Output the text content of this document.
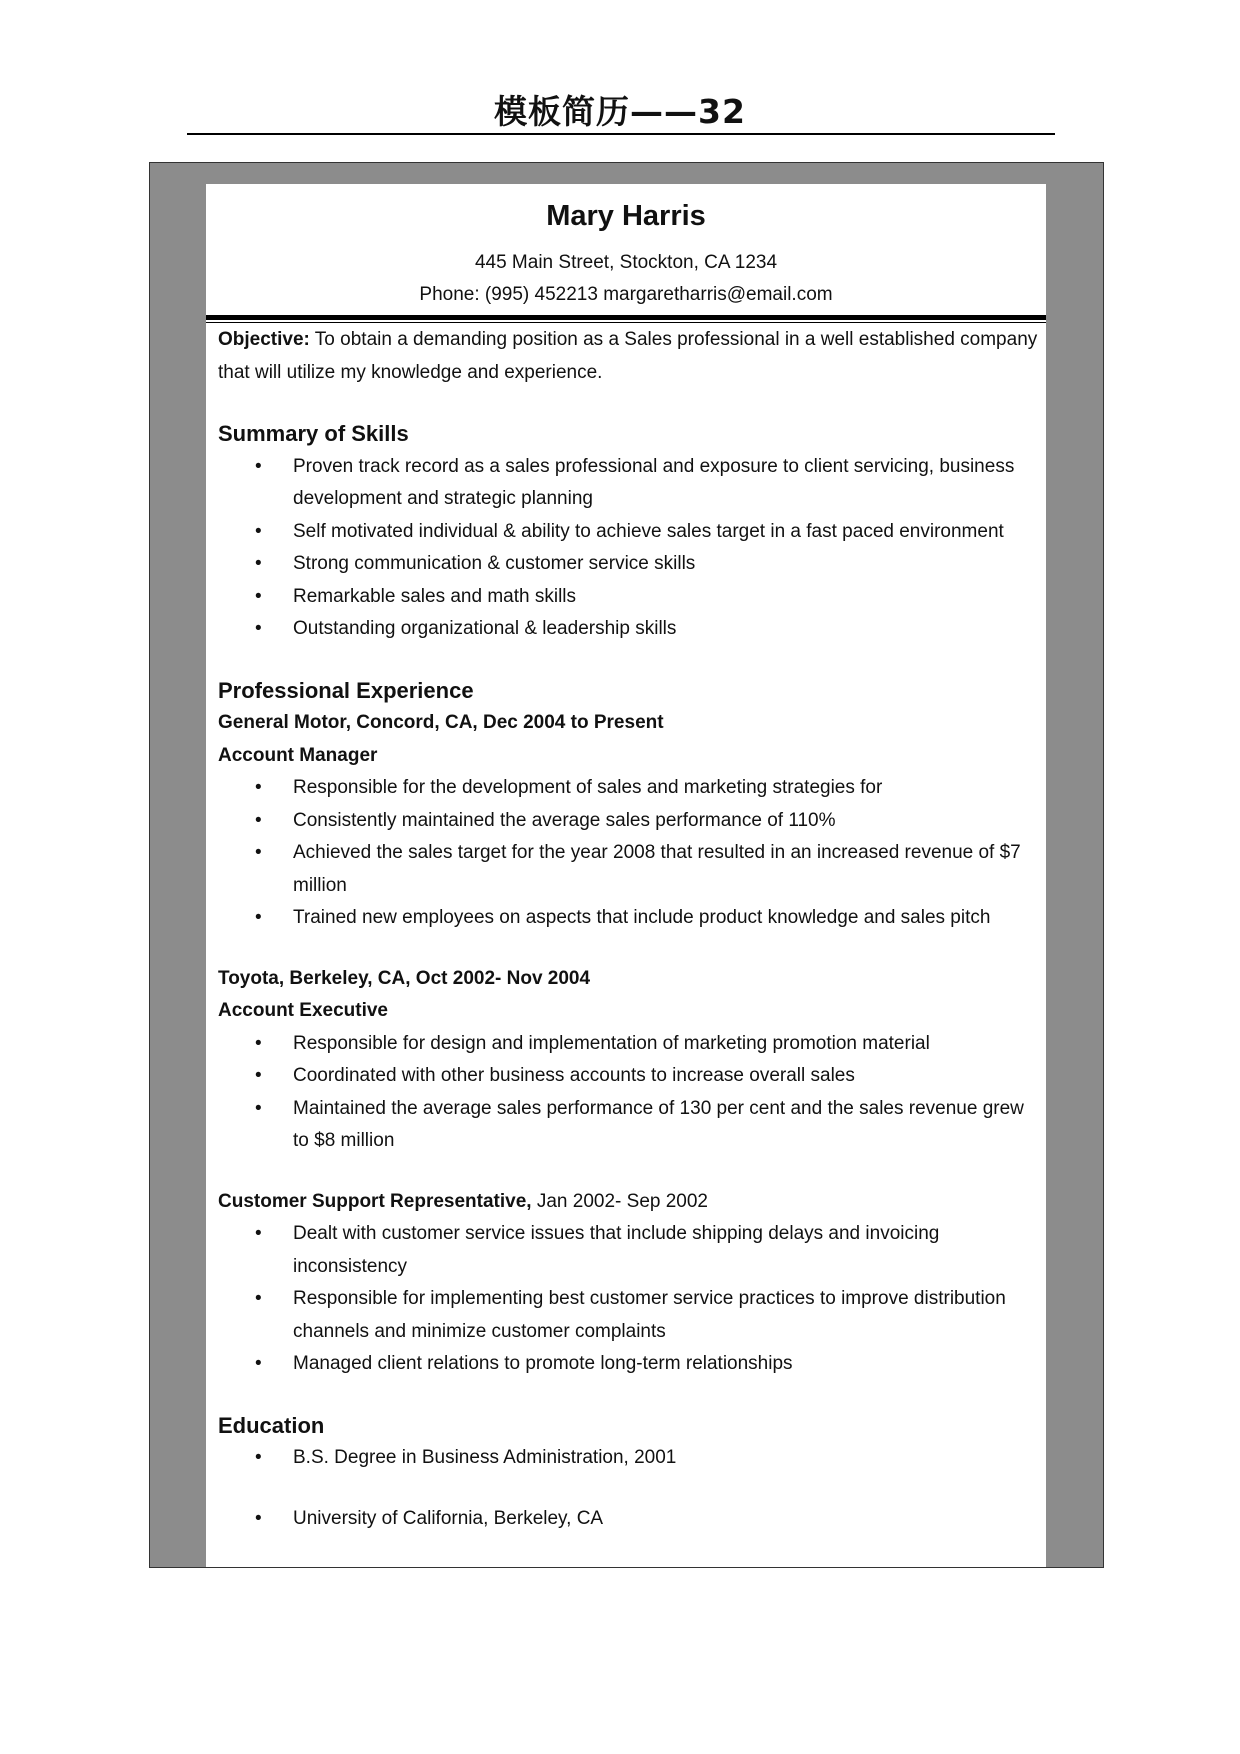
模板简历——32
Mary Harris
445 Main Street, Stockton, CA 1234
Phone: (995) 452213 margaretharris@email.com

Objective: To obtain a demanding position as a Sales professional in a well established company that will utilize my knowledge and experience.

Summary of Skills
• Proven track record as a sales professional and exposure to client servicing, business development and strategic planning
• Self motivated individual & ability to achieve sales target in a fast paced environment
• Strong communication & customer service skills
• Remarkable sales and math skills
• Outstanding organizational & leadership skills
Professional Experience
General Motor, Concord, CA, Dec 2004 to Present
Account Manager
• Responsible for the development of sales and marketing strategies for
• Consistently maintained the average sales performance of 110%
• Achieved the sales target for the year 2008 that resulted in an increased revenue of $7 million
• Trained new employees on aspects that include product knowledge and sales pitch
Toyota, Berkeley, CA, Oct 2002- Nov 2004
Account Executive
• Responsible for design and implementation of marketing promotion material
• Coordinated with other business accounts to increase overall sales
• Maintained the average sales performance of 130 per cent and the sales revenue grew to $8 million

Customer Support Representative, Jan 2002- Sep 2002

• Dealt with customer service issues that include shipping delays and invoicing inconsistency
• Responsible for implementing best customer service practices to improve distribution channels and minimize customer complaints
• Managed client relations to promote long-term relationships
Education
• B.S. Degree in Business Administration, 2001
• University of California, Berkeley, CA
